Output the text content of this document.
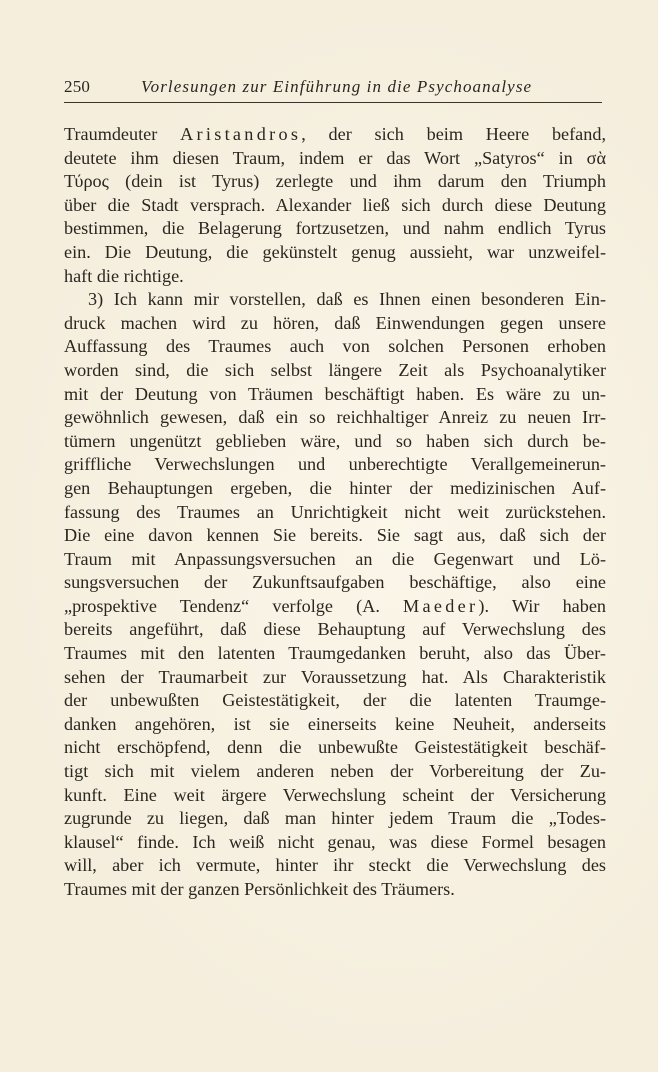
250	Vorlesungen zur Einführung in die Psychoanalyse
Traumdeuter Aristandros, der sich beim Heere befand,
deutete ihm diesen Traum, indem er das Wort „Satyros“ in σὰ
Τύρος (dein ist Tyrus) zerlegte und ihm darum den Triumph
über die Stadt versprach. Alexander ließ sich durch diese Deutung
bestimmen, die Belagerung fortzusetzen, und nahm endlich Tyrus
ein. Die Deutung, die gekünstelt genug aussieht, war unzweifel-
haft die richtige.
3) Ich kann mir vorstellen, daß es Ihnen einen besonderen Ein-
druck machen wird zu hören, daß Einwendungen gegen unsere
Auffassung des Traumes auch von solchen Personen erhoben
worden sind, die sich selbst längere Zeit als Psychoanalytiker
mit der Deutung von Träumen beschäftigt haben. Es wäre zu un-
gewöhnlich gewesen, daß ein so reichhaltiger Anreiz zu neuen Irr-
tümern ungenützt geblieben wäre, und so haben sich durch be-
griffliche Verwechslungen und unberechtigte Verallgemeinerun-
gen Behauptungen ergeben, die hinter der medizinischen Auf-
fassung des Traumes an Unrichtigkeit nicht weit zurückstehen.
Die eine davon kennen Sie bereits. Sie sagt aus, daß sich der
Traum mit Anpassungsversuchen an die Gegenwart und Lö-
sungsversuchen der Zukunftsaufgaben beschäftige, also eine
„prospektive Tendenz“ verfolge (A. Maeder). Wir haben
bereits angeführt, daß diese Behauptung auf Verwechslung des
Traumes mit den latenten Traumgedanken beruht, also das Über-
sehen der Traumarbeit zur Voraussetzung hat. Als Charakteristik
der unbewußten Geistestätigkeit, der die latenten Traumge-
danken angehören, ist sie einerseits keine Neuheit, anderseits
nicht erschöpfend, denn die unbewußte Geistestätigkeit beschäf-
tigt sich mit vielem anderen neben der Vorbereitung der Zu-
kunft. Eine weit ärgere Verwechslung scheint der Versicherung
zugrunde zu liegen, daß man hinter jedem Traum die „Todes-
klausel“ finde. Ich weiß nicht genau, was diese Formel besagen
will, aber ich vermute, hinter ihr steckt die Verwechslung des
Traumes mit der ganzen Persönlichkeit des Träumers.
